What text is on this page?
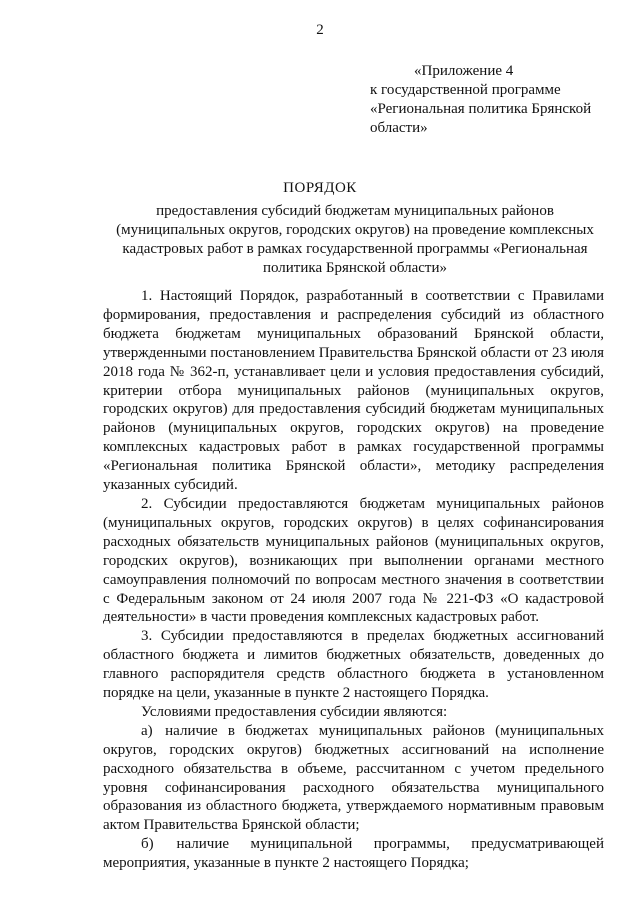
2
«Приложение 4
к государственной программе
«Региональная политика Брянской
области»
ПОРЯДОК
предоставления субсидий бюджетам муниципальных районов (муниципальных округов, городских округов) на проведение комплексных кадастровых работ в рамках государственной программы «Региональная политика Брянской области»

1. Настоящий Порядок, разработанный в соответствии с Правилами формирования, предоставления и распределения субсидий из областного бюджета бюджетам муниципальных образований Брянской области, утвержденными постановлением Правительства Брянской области от 23 июля 2018 года № 362-п, устанавливает цели и условия предоставления субсидий, критерии отбора муниципальных районов (муниципальных округов, городских округов) для предоставления субсидий бюджетам муниципальных районов (муниципальных округов, городских округов) на проведение комплексных кадастровых работ в рамках государственной программы «Региональная политика Брянской области», методику распределения указанных субсидий.

2. Субсидии предоставляются бюджетам муниципальных районов (муниципальных округов, городских округов) в целях софинансирования расходных обязательств муниципальных районов (муниципальных округов, городских округов), возникающих при выполнении органами местного самоуправления полномочий по вопросам местного значения в соответствии с Федеральным законом от 24 июля 2007 года № 221-ФЗ «О кадастровой деятельности» в части проведения комплексных кадастровых работ.

3. Субсидии предоставляются в пределах бюджетных ассигнований областного бюджета и лимитов бюджетных обязательств, доведенных до главного распорядителя средств областного бюджета в установленном порядке на цели, указанные в пункте 2 настоящего Порядка.

Условиями предоставления субсидии являются:

а) наличие в бюджетах муниципальных районов (муниципальных округов, городских округов) бюджетных ассигнований на исполнение расходного обязательства в объеме, рассчитанном с учетом предельного уровня софинансирования расходного обязательства муниципального образования из областного бюджета, утверждаемого нормативным правовым актом Правительства Брянской области;

б) наличие муниципальной программы, предусматривающей мероприятия, указанные в пункте 2 настоящего Порядка;
